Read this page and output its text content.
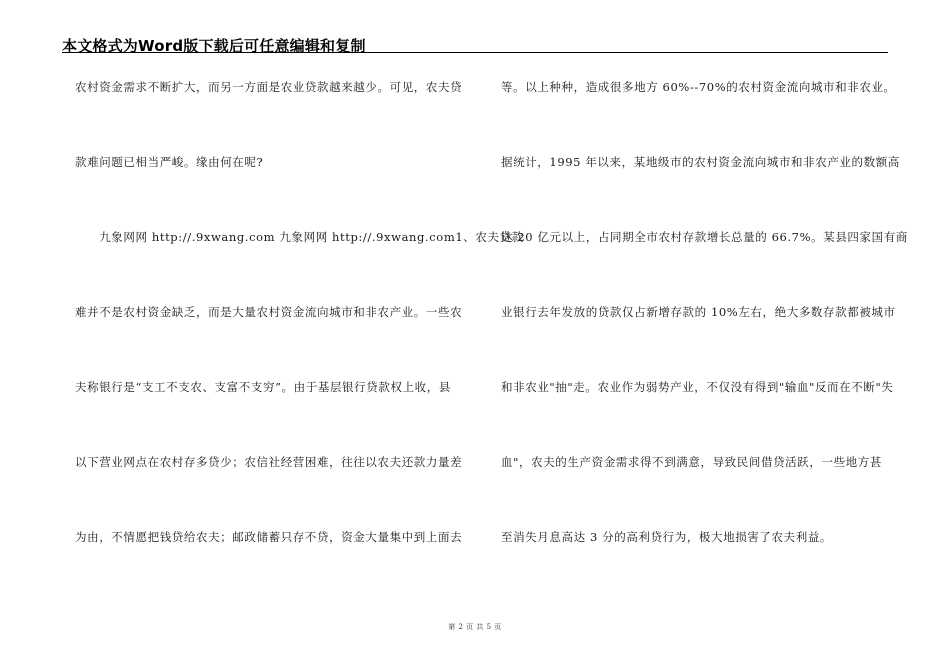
本文格式为Word版下载后可任意编辑和复制
农村资金需求不断扩大，而另一方面是农业贷款越来越少。可见，农夫贷
款难问题已相当严峻。缘由何在呢?
　　九象网网 http://.9xwang.com 九象网网 http://.9xwang.com1、农夫贷款
难并不是农村资金缺乏，而是大量农村资金流向城市和非农产业。一些农
夫称银行是“支工不支农、支富不支穷”。由于基层银行贷款权上收，县
以下营业网点在农村存多贷少；农信社经营困难，往往以农夫还款力量差
为由，不情愿把钱贷给农夫；邮政储蓄只存不贷，资金大量集中到上面去
等。以上种种，造成很多地方 60%--70%的农村资金流向城市和非农业。
据统计，1995 年以来，某地级市的农村资金流向城市和非农产业的数额高
达 20 亿元以上，占同期全市农村存款增长总量的 66.7%。某县四家国有商
业银行去年发放的贷款仅占新增存款的 10%左右，绝大多数存款都被城市
和非农业"抽"走。农业作为弱势产业，不仅没有得到"输血"反而在不断"失
血"，农夫的生产资金需求得不到满意，导致民间借贷活跃，一些地方甚
至消失月息高达 3 分的高利贷行为，极大地损害了农夫利益。
第 2 页 共 5 页
